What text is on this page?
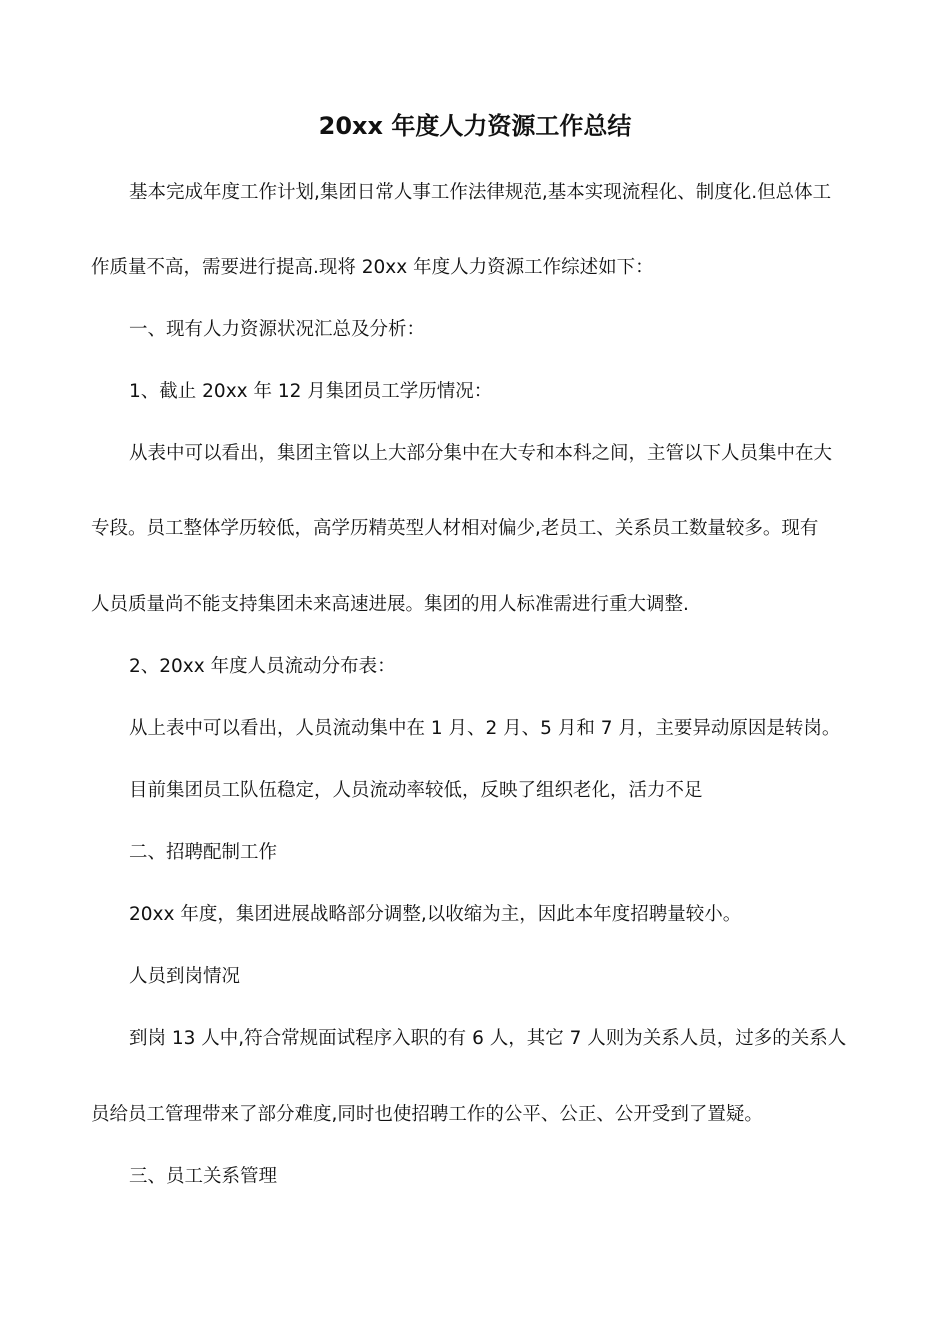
20xx 年度人力资源工作总结

基本完成年度工作计划,集团日常人事工作法律规范,基本实现流程化、制度化.但总体工

作质量不高，需要进行提高.现将 20xx 年度人力资源工作综述如下：

一、现有人力资源状况汇总及分析：

1、截止 20xx 年 12 月集团员工学历情况：

从表中可以看出，集团主管以上大部分集中在大专和本科之间，主管以下人员集中在大

专段。员工整体学历较低，高学历精英型人材相对偏少,老员工、关系员工数量较多。现有

人员质量尚不能支持集团未来高速进展。集团的用人标准需进行重大调整.

2、20xx 年度人员流动分布表：

从上表中可以看出，人员流动集中在 1 月、2 月、5 月和 7 月，主要异动原因是转岗。

目前集团员工队伍稳定，人员流动率较低，反映了组织老化，活力不足

二、招聘配制工作

20xx 年度，集团进展战略部分调整,以收缩为主，因此本年度招聘量较小。

人员到岗情况

到岗 13 人中,符合常规面试程序入职的有 6 人，其它 7 人则为关系人员，过多的关系人

员给员工管理带来了部分难度,同时也使招聘工作的公平、公正、公开受到了置疑。

三、员工关系管理
